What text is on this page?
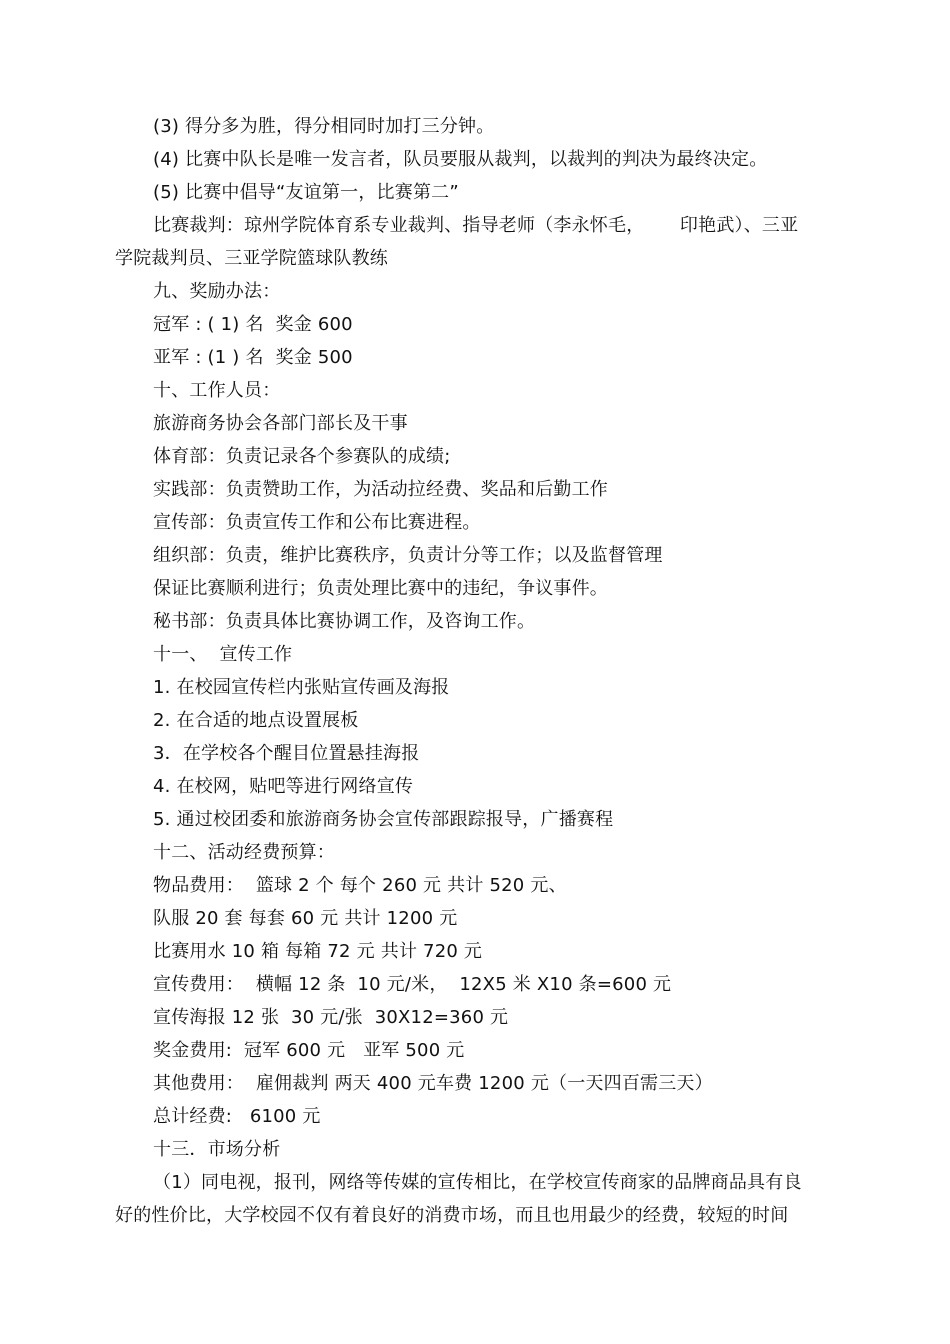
(3) 得分多为胜，得分相同时加打三分钟。
(4) 比赛中队长是唯一发言者，队员要服从裁判，以裁判的判决为最终决定。
(5) 比赛中倡导“友谊第一，比赛第二”
比赛裁判：琼州学院体育系专业裁判、指导老师（李永怀毛，      印艳武）、三亚
学院裁判员、三亚学院篮球队教练
九、奖励办法：
冠军 : ( 1) 名  奖金 600
亚军 : (1 ) 名  奖金 500
十、工作人员：
旅游商务协会各部门部长及干事
体育部：负责记录各个参赛队的成绩;
实践部：负责赞助工作，为活动拉经费、奖品和后勤工作
宣传部：负责宣传工作和公布比赛进程。
组织部：负责，维护比赛秩序，负责计分等工作；以及监督管理
保证比赛顺利进行；负责处理比赛中的违纪，争议事件。
秘书部：负责具体比赛协调工作，及咨询工作。
十一、  宣传工作
1. 在校园宣传栏内张贴宣传画及海报
2. 在合适的地点设置展板
3．在学校各个醒目位置悬挂海报
4. 在校网，贴吧等进行网络宣传
5. 通过校团委和旅游商务协会宣传部跟踪报导，广播赛程
十二、活动经费预算：
物品费用：  篮球 2 个 每个 260 元 共计 520 元、
队服 20 套 每套 60 元 共计 1200 元
比赛用水 10 箱 每箱 72 元 共计 720 元
宣传费用：  横幅 12 条  10 元/米，  12X5 米 X10 条=600 元
宣传海报 12 张  30 元/张  30X12=360 元
奖金费用:  冠军 600 元   亚军 500 元
其他费用：  雇佣裁判 两天 400 元车费 1200 元（一天四百需三天）
总计经费:   6100 元
十三．市场分析
（1）同电视，报刊，网络等传媒的宣传相比，在学校宣传商家的品牌商品具有良
好的性价比，大学校园不仅有着良好的消费市场，而且也用最少的经费，较短的时间
